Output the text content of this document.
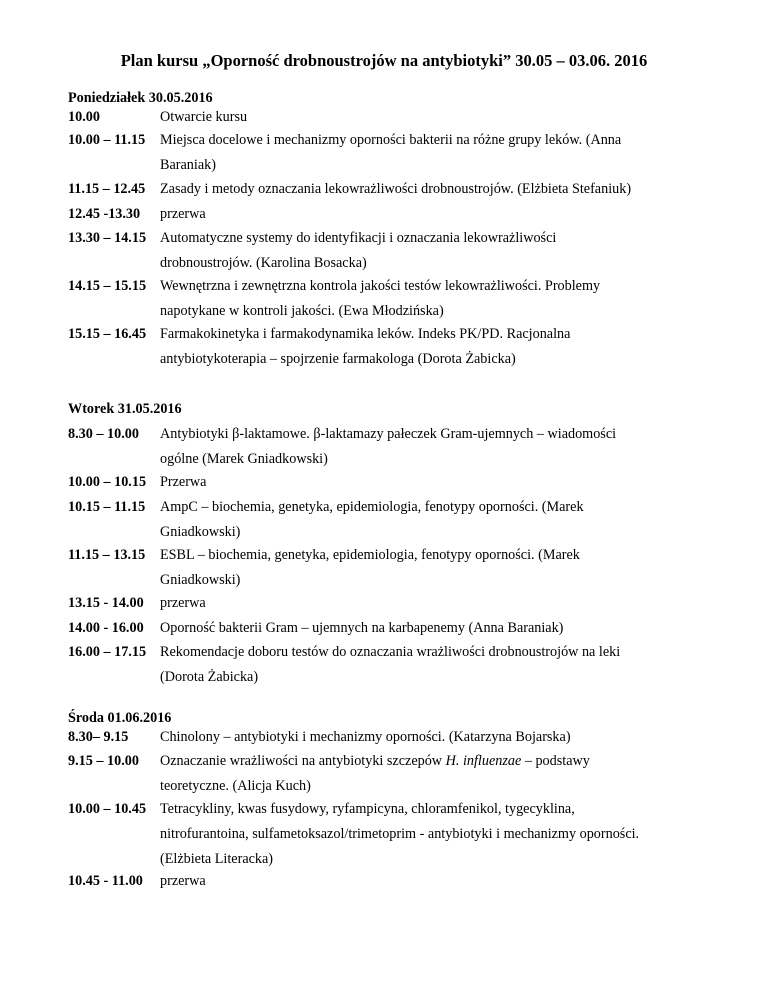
Plan kursu „Oporność drobnoustrojów na antybiotyki” 30.05 – 03.06. 2016
Poniedziałek 30.05.2016
10.00	Otwarcie kursu
10.00 – 11.15	Miejsca docelowe i mechanizmy oporności bakterii na różne grupy leków. (Anna
Baraniak)
11.15 – 12.45	Zasady i metody oznaczania lekowrażliwości drobnoustrojów. (Elżbieta Stefaniuk)
12.45 -13.30	przerwa
13.30 – 14.15 Automatyczne systemy do identyfikacji i oznaczania lekowrażliwości
drobnoustrojów. (Karolina Bosacka)
14.15 – 15.15 Wewnętrzna i zewnętrzna kontrola jakości testów lekowrażliwości. Problemy
napotykane w kontroli jakości. (Ewa Młodzińska)
15.15 – 16.45 Farmakokinetyka i farmakodynamika leków. Indeks PK/PD. Racjonalna
antybiotykoterapia – spojrzenie farmakologa (Dorota Żabicka)
Wtorek 31.05.2016
8.30 – 10.00	Antybiotyki β-laktamowe. β-laktamazy pałeczek Gram-ujemnych – wiadomości
ogólne (Marek Gniadkowski)
10.00 – 10.15 Przerwa
10.15 – 11.15	AmpC – biochemia, genetyka, epidemiologia, fenotypy oporności. (Marek
Gniadkowski)
11.15 – 13.15	ESBL – biochemia, genetyka, epidemiologia, fenotypy oporności. (Marek
Gniadkowski)
13.15 - 14.00	przerwa
14.00 - 16.00	Oporność bakterii Gram – ujemnych na karbapenemy (Anna Baraniak)
16.00 – 17.15 Rekomendacje doboru testów do oznaczania wrażliwości drobnoustrojów na leki
(Dorota Żabicka)
Środa 01.06.2016
8.30– 9.15	Chinolony – antybiotyki i mechanizmy oporności. (Katarzyna Bojarska)
9.15 – 10.00	Oznaczanie wrażliwości na antybiotyki szczepów H. influenzae – podstawy
teoretyczne. (Alicja Kuch)
10.00 – 10.45 Tetracykliny, kwas fusydowy, ryfampicyna, chloramfenikol, tygecyklina,
nitrofurantoina, sulfametoksazol/trimetoprim - antybiotyki i mechanizmy oporności.
(Elżbieta Literacka)
10.45 - 11.00	przerwa
